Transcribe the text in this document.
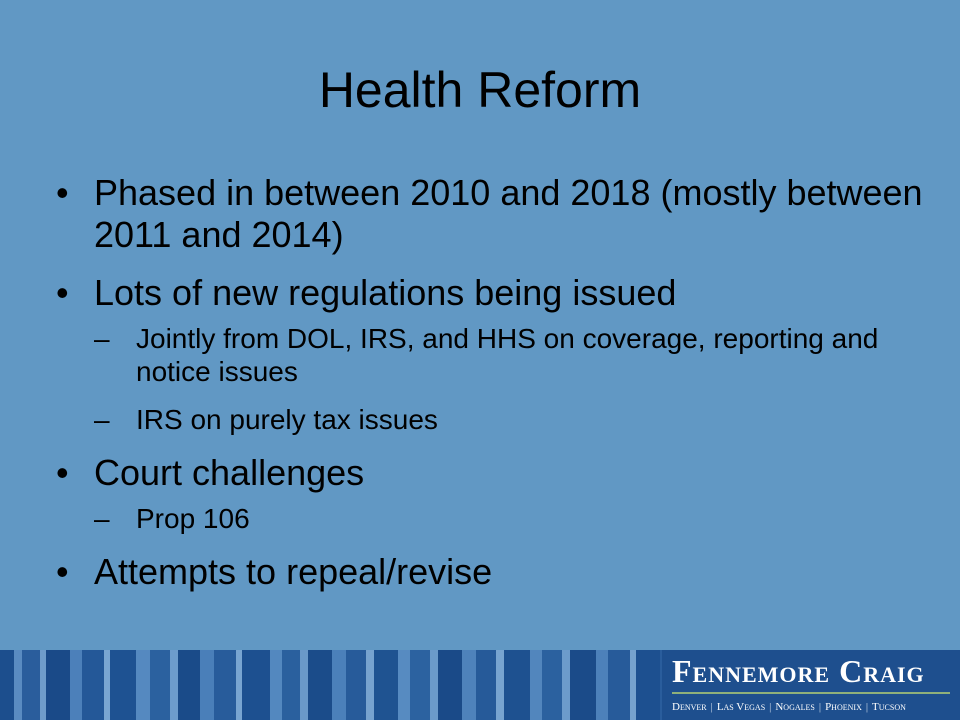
Health Reform
• Phased in between 2010 and 2018 (mostly between 2011 and 2014)
• Lots of new regulations being issued
– Jointly from DOL, IRS, and HHS on coverage, reporting and notice issues
– IRS on purely tax issues
• Court challenges
– Prop 106
• Attempts to repeal/revise
Fennemore Craig
Denver | Las Vegas | Nogales | Phoenix | Tucson
